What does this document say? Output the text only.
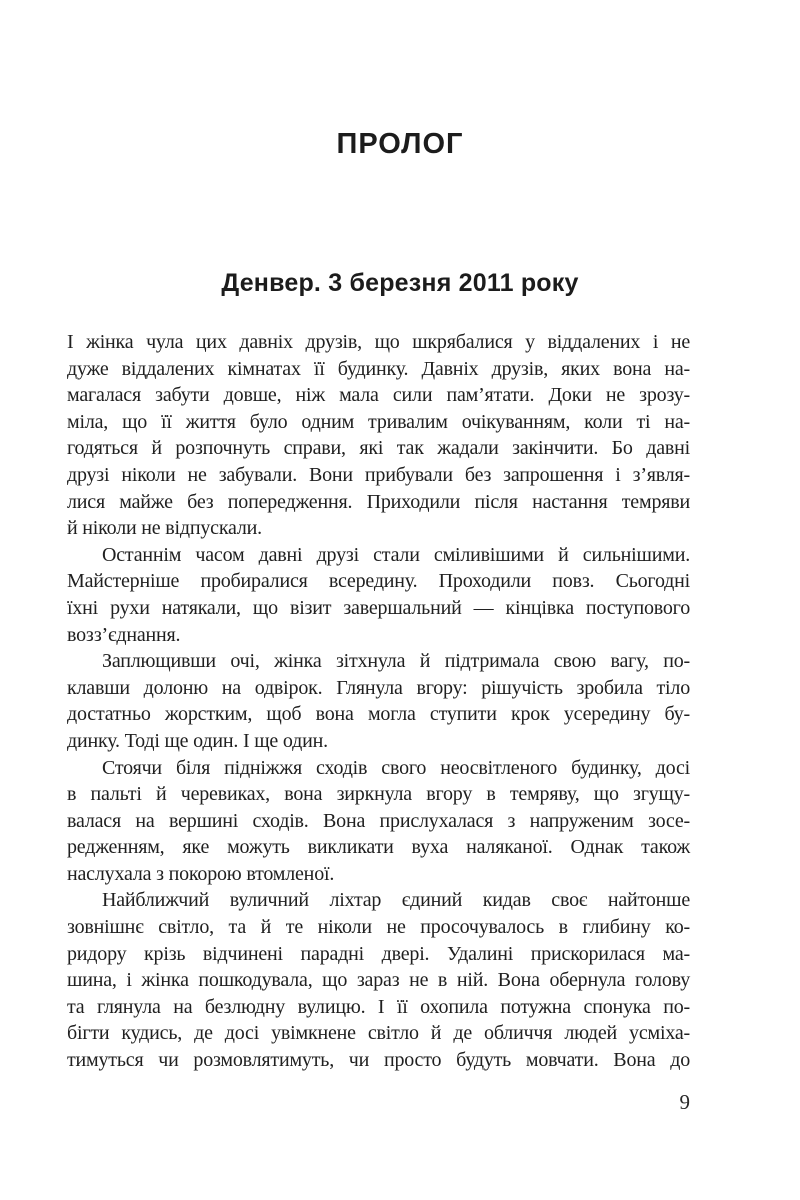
ПРОЛОГ
Денвер. 3 березня 2011 року
І жінка чула цих давніх друзів, що шкрябалися у віддалених і не
дуже віддалених кімнатах її будинку. Давніх друзів, яких вона на-
магалася забути довше, ніж мала сили пам’ятати. Доки не зрозу-
міла, що її життя було одним тривалим очікуванням, коли ті на-
годяться й розпочнуть справи, які так жадали закінчити. Бо давні
друзі ніколи не забували. Вони прибували без запрошення і з’явля-
лися майже без попередження. Приходили після настання темряви
й ніколи не відпускали.
Останнім часом давні друзі стали сміливішими й сильнішими.
Майстерніше пробиралися всередину. Проходили повз. Сьогодні
їхні рухи натякали, що візит завершальний — кінцівка поступового
возз’єднання.
Заплющивши очі, жінка зітхнула й підтримала свою вагу, по-
клавши долоню на одвірок. Глянула вгору: рішучість зробила тіло
достатньо жорстким, щоб вона могла ступити крок усередину бу-
динку. Тоді ще один. І ще один.
Стоячи біля підніжжя сходів свого неосвітленого будинку, досі
в пальті й черевиках, вона зиркнула вгору в темряву, що згущу-
валася на вершині сходів. Вона прислухалася з напруженим зосе-
редженням, яке можуть викликати вуха наляканої. Однак також
наслухала з покорою втомленої.
Найближчий вуличний ліхтар єдиний кидав своє найтонше
зовнішнє світло, та й те ніколи не просочувалось в глибину ко-
ридору крізь відчинені парадні двері. Удалині прискорилася ма-
шина, і жінка пошкодувала, що зараз не в ній. Вона обернула голову
та глянула на безлюдну вулицю. І її охопила потужна спонука по-
бігти кудись, де досі увімкнене світло й де обличчя людей усміха-
тимуться чи розмовлятимуть, чи просто будуть мовчати. Вона до
9
